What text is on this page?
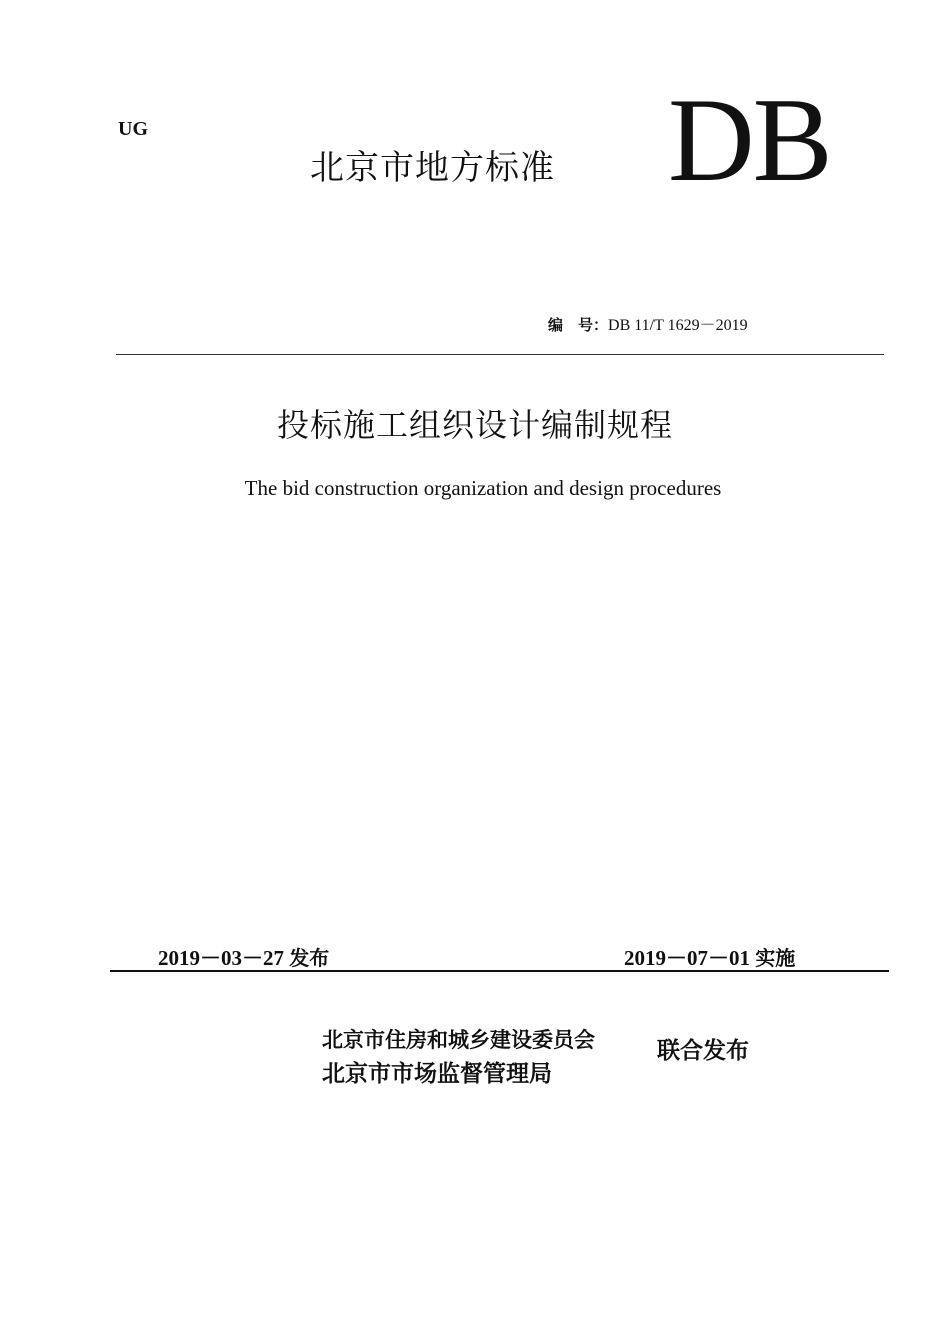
UG
北京市地方标准 DB
编　号：DB 11/T 1629－2019
投标施工组织设计编制规程
The bid construction organization and design procedures
2019－03－27 发布	2019－07－01 实施
北京市住房和城乡建设委员会
北京市市场监督管理局
联合发布
